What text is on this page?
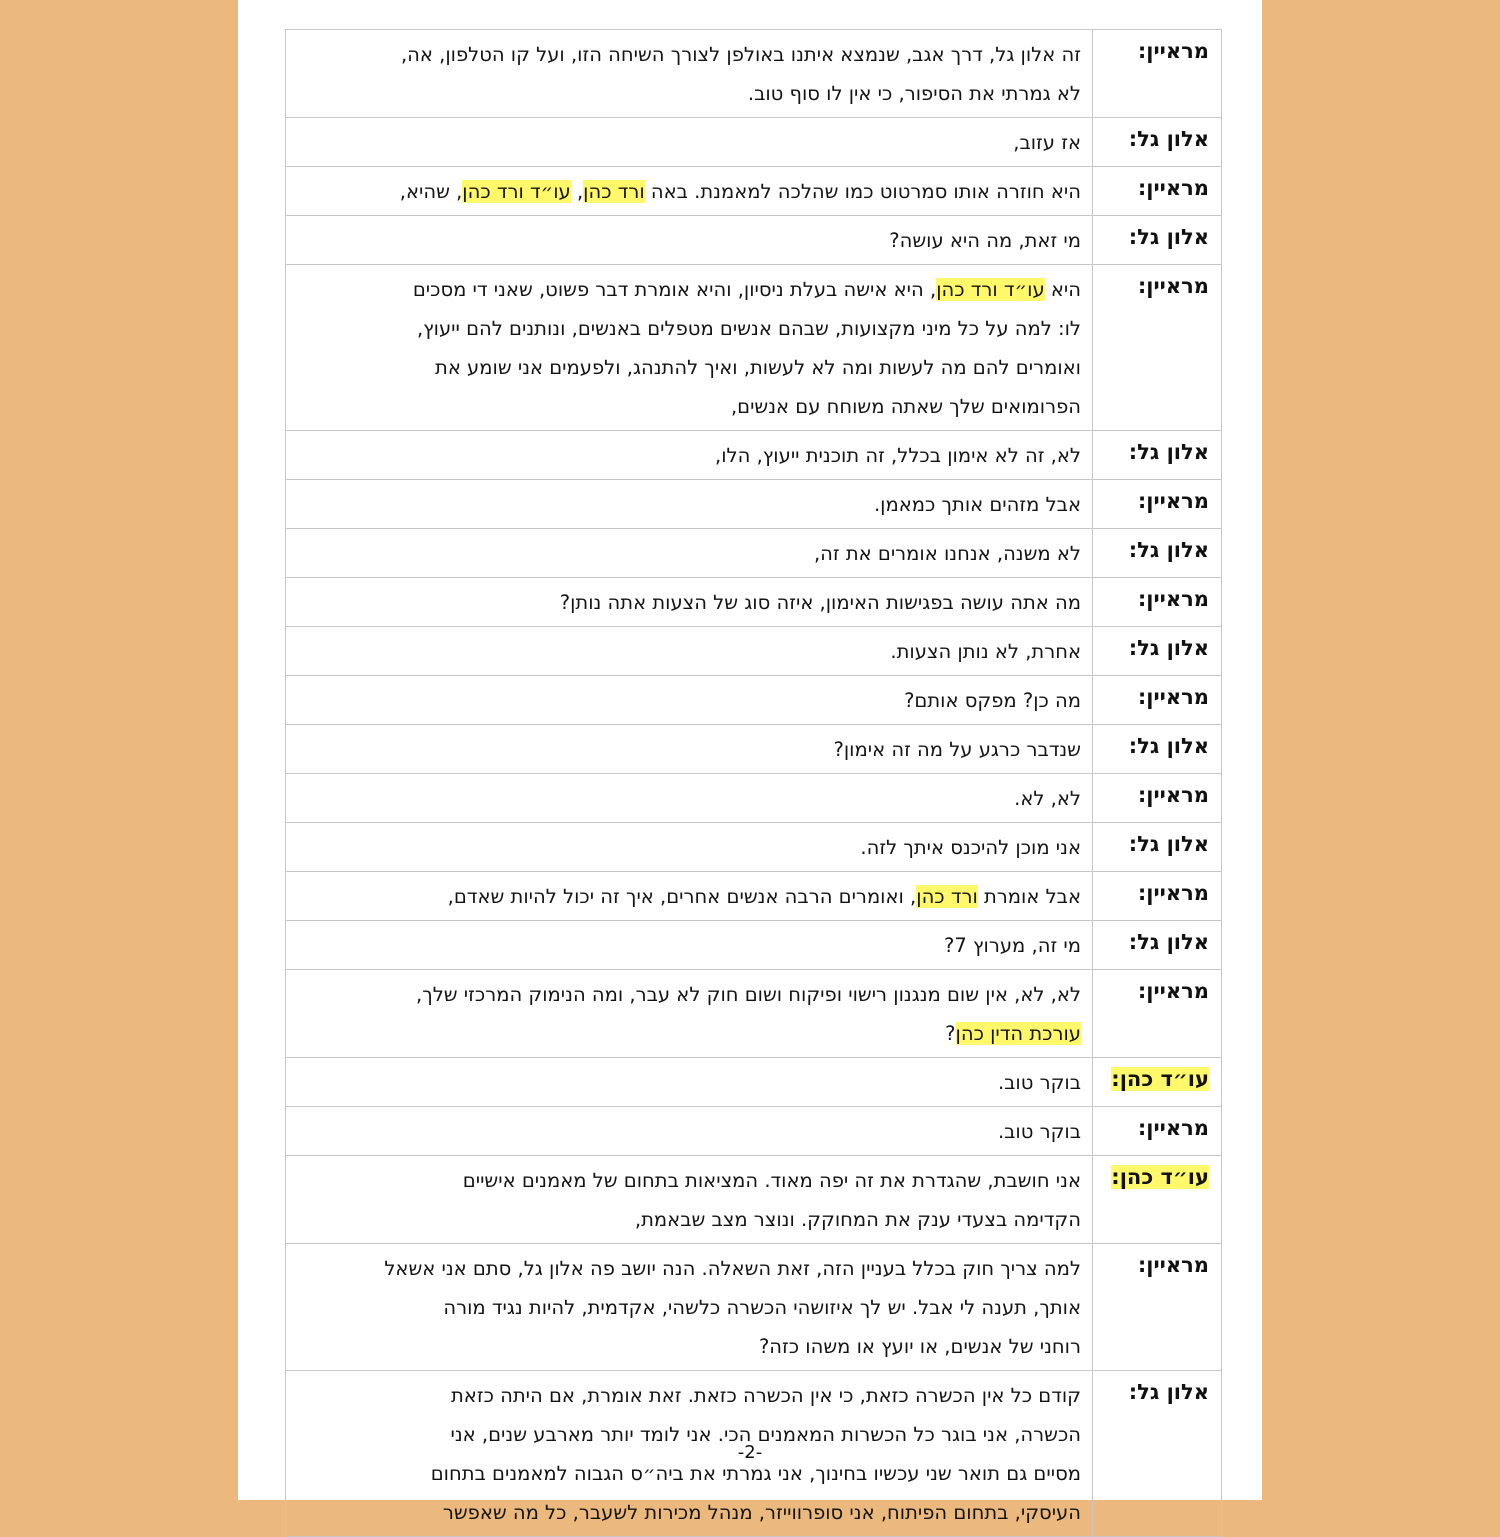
מראיין:	זה אלון גל, דרך אגב, שנמצא איתנו באולפן לצורך השיחה הזו, ועל קו הטלפון, אה,
לא גמרתי את הסיפור, כי אין לו סוף טוב.

אלון גל:	אז עזוב,

מראיין:	היא חוזרה אותו סמרטוט כמו שהלכה למאמנת. באה ורד כהן, עו״ד ורד כהן, שהיא,

אלון גל:	מי זאת, מה היא עושה?

מראיין:	היא עו״ד ורד כהן, היא אישה בעלת ניסיון, והיא אומרת דבר פשוט, שאני די מסכים
לו: למה על כל מיני מקצועות, שבהם אנשים מטפלים באנשים, ונותנים להם ייעוץ,
ואומרים להם מה לעשות ומה לא לעשות, ואיך להתנהג, ולפעמים אני שומע את
הפרומואים שלך שאתה משוחח עם אנשים,

אלון גל:	לא, זה לא אימון בכלל, זה תוכנית ייעוץ, הלו,

מראיין:	אבל מזהים אותך כמאמן.

אלון גל:	לא משנה, אנחנו אומרים את זה,

מראיין:	מה אתה עושה בפגישות האימון, איזה סוג של הצעות אתה נותן?

אלון גל:	אחרת, לא נותן הצעות.

מראיין:	מה כן? מפקס אותם?

אלון גל:	שנדבר כרגע על מה זה אימון?

מראיין:	לא, לא.

אלון גל:	אני מוכן להיכנס איתך לזה.

מראיין:	אבל אומרת ורד כהן, ואומרים הרבה אנשים אחרים, איך זה יכול להיות שאדם,

אלון גל:	מי זה, מערוץ 7?

מראיין:	לא, לא, אין שום מנגנון רישוי ופיקוח ושום חוק לא עבר, ומה הנימוק המרכזי שלך,
עורכת הדין כהן?

עו״ד כהן:	בוקר טוב.

מראיין:	בוקר טוב.

עו״ד כהן:	אני חושבת, שהגדרת את זה יפה מאוד. המציאות בתחום של מאמנים אישיים
הקדימה בצעדי ענק את המחוקק. ונוצר מצב שבאמת,

מראיין:	למה צריך חוק בכלל בעניין הזה, זאת השאלה. הנה יושב פה אלון גל, סתם אני אשאל
אותך, תענה לי אבל. יש לך איזושהי הכשרה כלשהי, אקדמית, להיות נגיד מורה
רוחני של אנשים, או יועץ או משהו כזה?

אלון גל:	קודם כל אין הכשרה כזאת, כי אין הכשרה כזאת. זאת אומרת, אם היתה כזאת
הכשרה, אני בוגר כל הכשרות המאמנים הכי. אני לומד יותר מארבע שנים, אני
מסיים גם תואר שני עכשיו בחינוך, אני גמרתי את ביה״ס הגבוה למאמנים בתחום
העיסקי, בתחום הפיתוח, אני סופרווייזר, מנהל מכירות לשעבר, כל מה שאפשר
-2-
